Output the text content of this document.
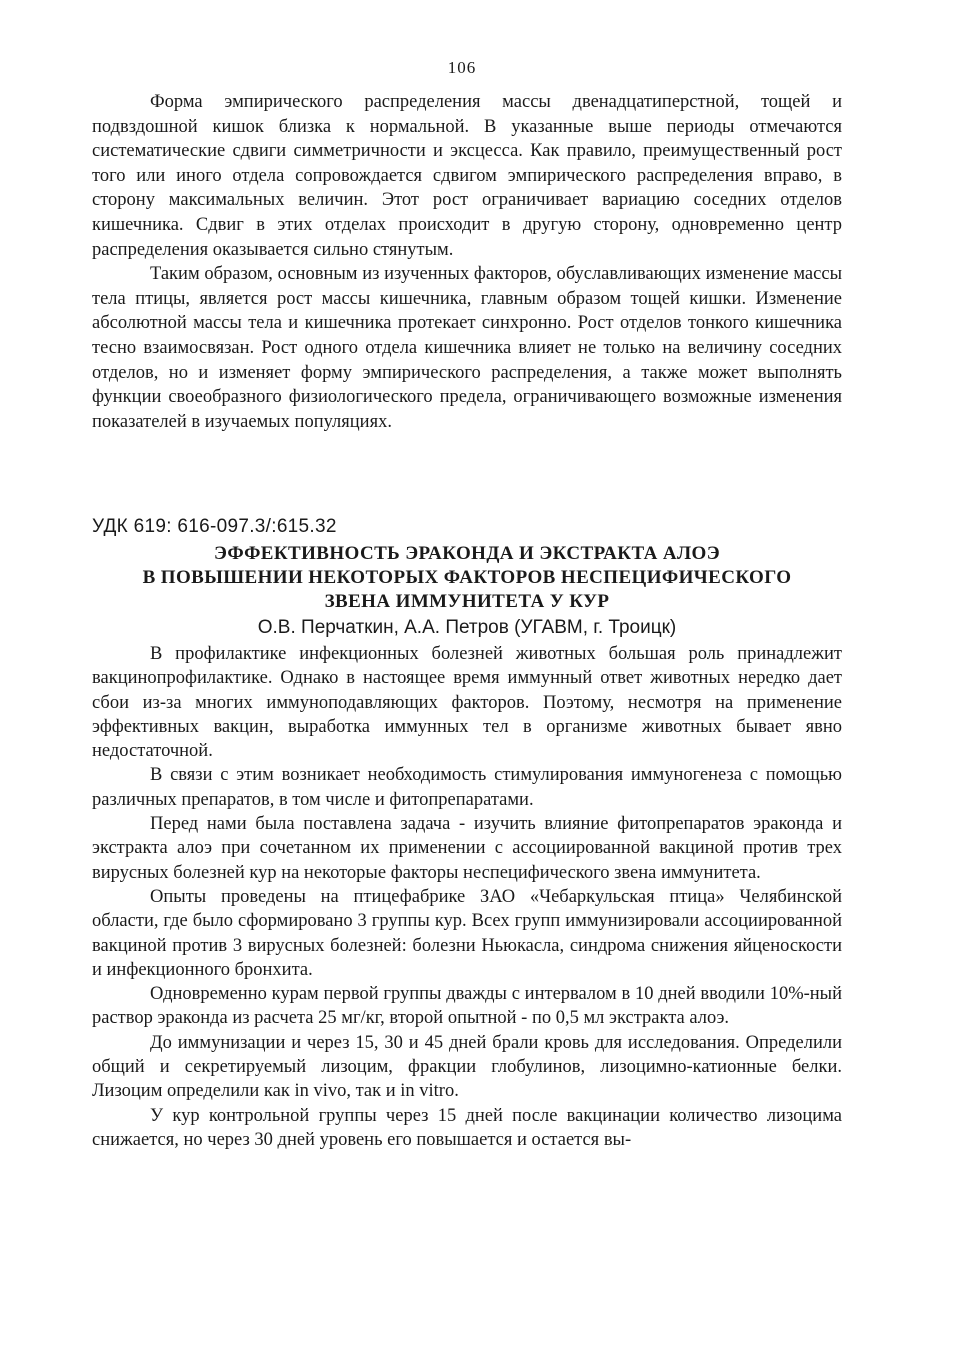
106

Форма эмпирического распределения массы двенадцатиперстной, тощей и подвздошной кишок близка к нормальной. В указанные выше периоды отмечаются систематические сдвиги симметричности и эксцесса. Как правило, преимущественный рост того или иного отдела сопровождается сдвигом эмпирического распределения вправо, в сторону максимальных величин. Этот рост ограничивает вариацию соседних отделов кишечника. Сдвиг в этих отделах происходит в другую сторону, одновременно центр распределения оказывается сильно стянутым.

Таким образом, основным из изученных факторов, обуславливающих изменение массы тела птицы, является рост массы кишечника, главным образом тощей кишки. Изменение абсолютной массы тела и кишечника протекает синхронно. Рост отделов тонкого кишечника тесно взаимосвязан. Рост одного отдела кишечника влияет не только на величину соседних отделов, но и изменяет форму эмпирического распределения, а также может выполнять функции своеобразного физиологического предела, ограничивающего возможные изменения показателей в изучаемых популяциях.

УДК 619: 616-097.3/:615.32
ЭФФЕКТИВНОСТЬ ЭРАКОНДА И ЭКСТРАКТА АЛОЭ
В ПОВЫШЕНИИ НЕКОТОРЫХ ФАКТОРОВ НЕСПЕЦИФИЧЕСКОГО
ЗВЕНА ИММУНИТЕТА У КУР
О.В. Перчаткин, А.А. Петров (УГАВМ, г. Троицк)

В профилактике инфекционных болезней животных большая роль принадлежит вакцинопрофилактике. Однако в настоящее время иммунный ответ животных нередко дает сбои из-за многих иммуноподавляющих факторов. Поэтому, несмотря на применение эффективных вакцин, выработка иммунных тел в организме животных бывает явно недостаточной.

В связи с этим возникает необходимость стимулирования иммуногенеза с помощью различных препаратов, в том числе и фитопрепаратами.

Перед нами была поставлена задача - изучить влияние фитопрепаратов эраконда и экстракта алоэ при сочетанном их применении с ассоциированной вакциной против трех вирусных болезней кур на некоторые факторы неспецифического звена иммунитета.

Опыты проведены на птицефабрике ЗАО «Чебаркульская птица» Челябинской области, где было сформировано 3 группы кур. Всех групп иммунизировали ассоциированной вакциной против 3 вирусных болезней: болезни Ньюкасла, синдрома снижения яйценоскости и инфекционного бронхита.

Одновременно курам первой группы дважды с интервалом в 10 дней вводили 10%-ный раствор эраконда из расчета 25 мг/кг, второй опытной - по 0,5 мл экстракта алоэ.

До иммунизации и через 15, 30 и 45 дней брали кровь для исследования. Определили общий и секретируемый лизоцим, фракции глобулинов, лизоцимно-катионные белки. Лизоцим определили как in vivo, так и in vitro.

У кур контрольной группы через 15 дней после вакцинации количество лизоцима снижается, но через 30 дней уровень его повышается и остается вы-
